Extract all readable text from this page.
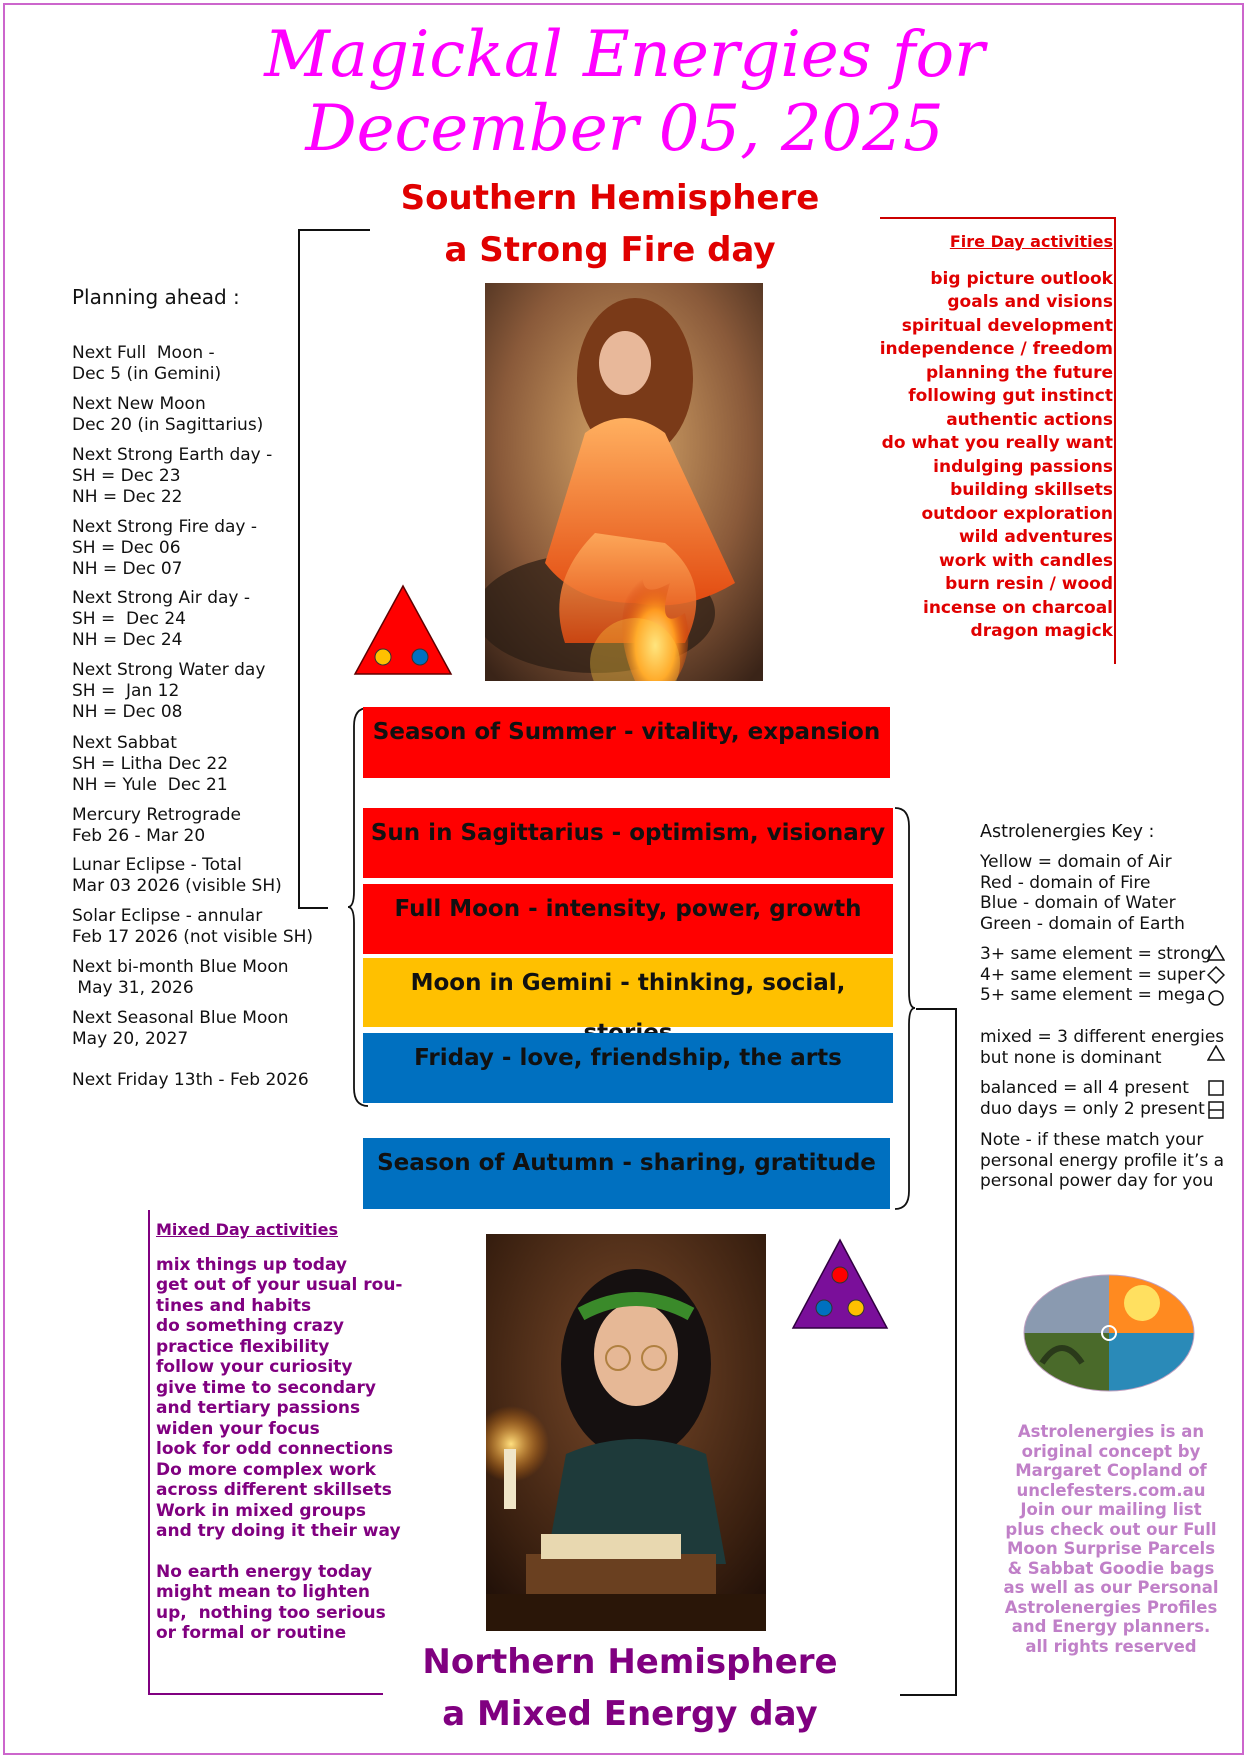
Magickal Energies for
December 05, 2025
Southern Hemisphere
a Strong Fire day
Planning ahead :
Next Full  Moon -
Dec 5 (in Gemini)
Next New Moon
Dec 20 (in Sagittarius)
Next Strong Earth day -
SH = Dec 23
NH = Dec 22
Next Strong Fire day -
SH = Dec 06
NH = Dec 07
Next Strong Air day -
SH =  Dec 24
NH = Dec 24
Next Strong Water day
SH =  Jan 12
NH = Dec 08
Next Sabbat
SH = Litha Dec 22
NH = Yule  Dec 21
Mercury Retrograde
Feb 26 - Mar 20
Lunar Eclipse - Total
Mar 03 2026 (visible SH)
Solar Eclipse - annular
Feb 17 2026 (not visible SH)
Next bi-month Blue Moon
May 31, 2026
Next Seasonal Blue Moon
May 20, 2027
Next Friday 13th - Feb 2026
Fire Day activities
big picture outlook
goals and visions
spiritual development
independence / freedom
planning the future
following gut instinct
authentic actions
do what you really want
indulging passions
building skillsets
outdoor exploration
wild adventures
work with candles
burn resin / wood
incense on charcoal
dragon magick
Season of Summer - vitality, expansion
Sun in Sagittarius - optimism, visionary
Full Moon - intensity, power, growth
Moon in Gemini - thinking, social,
Friday - love, friendship, the arts
Season of Autumn - sharing, gratitude
Astrolenergies Key :
Yellow = domain of Air
Red - domain of Fire
Blue - domain of Water
Green - domain of Earth
3+ same element = strong
4+ same element = super
5+ same element = mega
mixed = 3 different energies
but none is dominant
balanced = all 4 present
duo days = only 2 present
Note - if these match your
personal energy profile it’s a
personal power day for you
Mixed Day activities
mix things up today
get out of your usual rou-
tines and habits
do something crazy
practice flexibility
follow your curiosity
give time to secondary
and tertiary passions
widen your focus
look for odd connections
Do more complex work
across different skillsets
Work in mixed groups
and try doing it their way
No earth energy today
might mean to lighten
up,  nothing too serious
or formal or routine
Astrolenergies is an
original concept by
Margaret Copland of
unclefesters.com.au
Join our mailing list
plus check out our Full
Moon Surprise Parcels
& Sabbat Goodie bags
as well as our Personal
Astrolenergies Profiles
and Energy planners.
all rights reserved
Northern Hemisphere
a Mixed Energy day
